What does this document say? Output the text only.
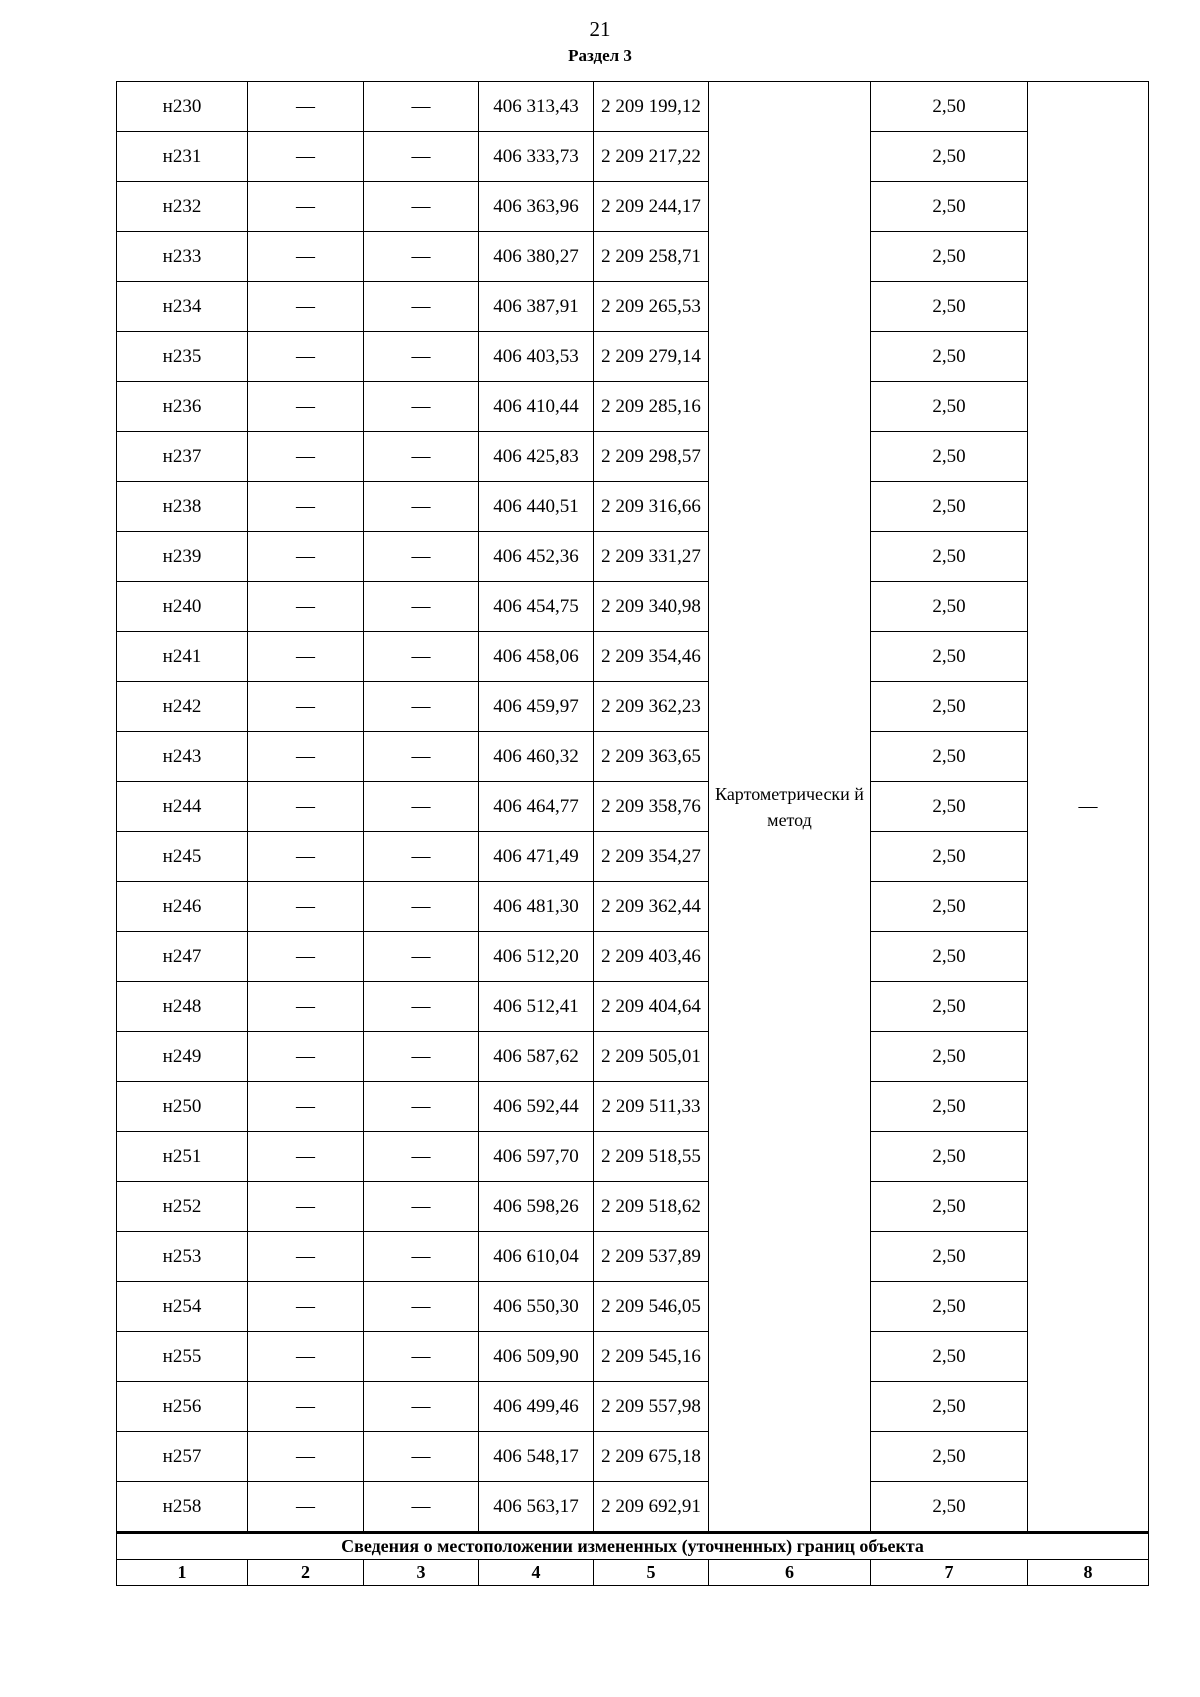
21
Раздел 3
н230	—	—	406 313,43	2 209 199,12	Картометрически й метод	2,50	—
н231	—	—	406 333,73	2 209 217,22		2,50	
н232	—	—	406 363,96	2 209 244,17		2,50	
н233	—	—	406 380,27	2 209 258,71		2,50	
н234	—	—	406 387,91	2 209 265,53		2,50	
н235	—	—	406 403,53	2 209 279,14		2,50	
н236	—	—	406 410,44	2 209 285,16		2,50	
н237	—	—	406 425,83	2 209 298,57		2,50	
н238	—	—	406 440,51	2 209 316,66		2,50	
н239	—	—	406 452,36	2 209 331,27		2,50	
н240	—	—	406 454,75	2 209 340,98		2,50	
н241	—	—	406 458,06	2 209 354,46		2,50	
н242	—	—	406 459,97	2 209 362,23		2,50	
н243	—	—	406 460,32	2 209 363,65		2,50	
н244	—	—	406 464,77	2 209 358,76		2,50	
н245	—	—	406 471,49	2 209 354,27		2,50	
н246	—	—	406 481,30	2 209 362,44		2,50	
н247	—	—	406 512,20	2 209 403,46		2,50	
н248	—	—	406 512,41	2 209 404,64		2,50	
н249	—	—	406 587,62	2 209 505,01		2,50	
н250	—	—	406 592,44	2 209 511,33		2,50	
н251	—	—	406 597,70	2 209 518,55		2,50	
н252	—	—	406 598,26	2 209 518,62		2,50	
н253	—	—	406 610,04	2 209 537,89		2,50	
н254	—	—	406 550,30	2 209 546,05		2,50	
н255	—	—	406 509,90	2 209 545,16		2,50	
н256	—	—	406 499,46	2 209 557,98		2,50	
н257	—	—	406 548,17	2 209 675,18		2,50	
н258	—	—	406 563,17	2 209 692,91		2,50	
Сведения о местоположении измененных (уточненных) границ объекта							
1	2	3	4	5	6	7	8
